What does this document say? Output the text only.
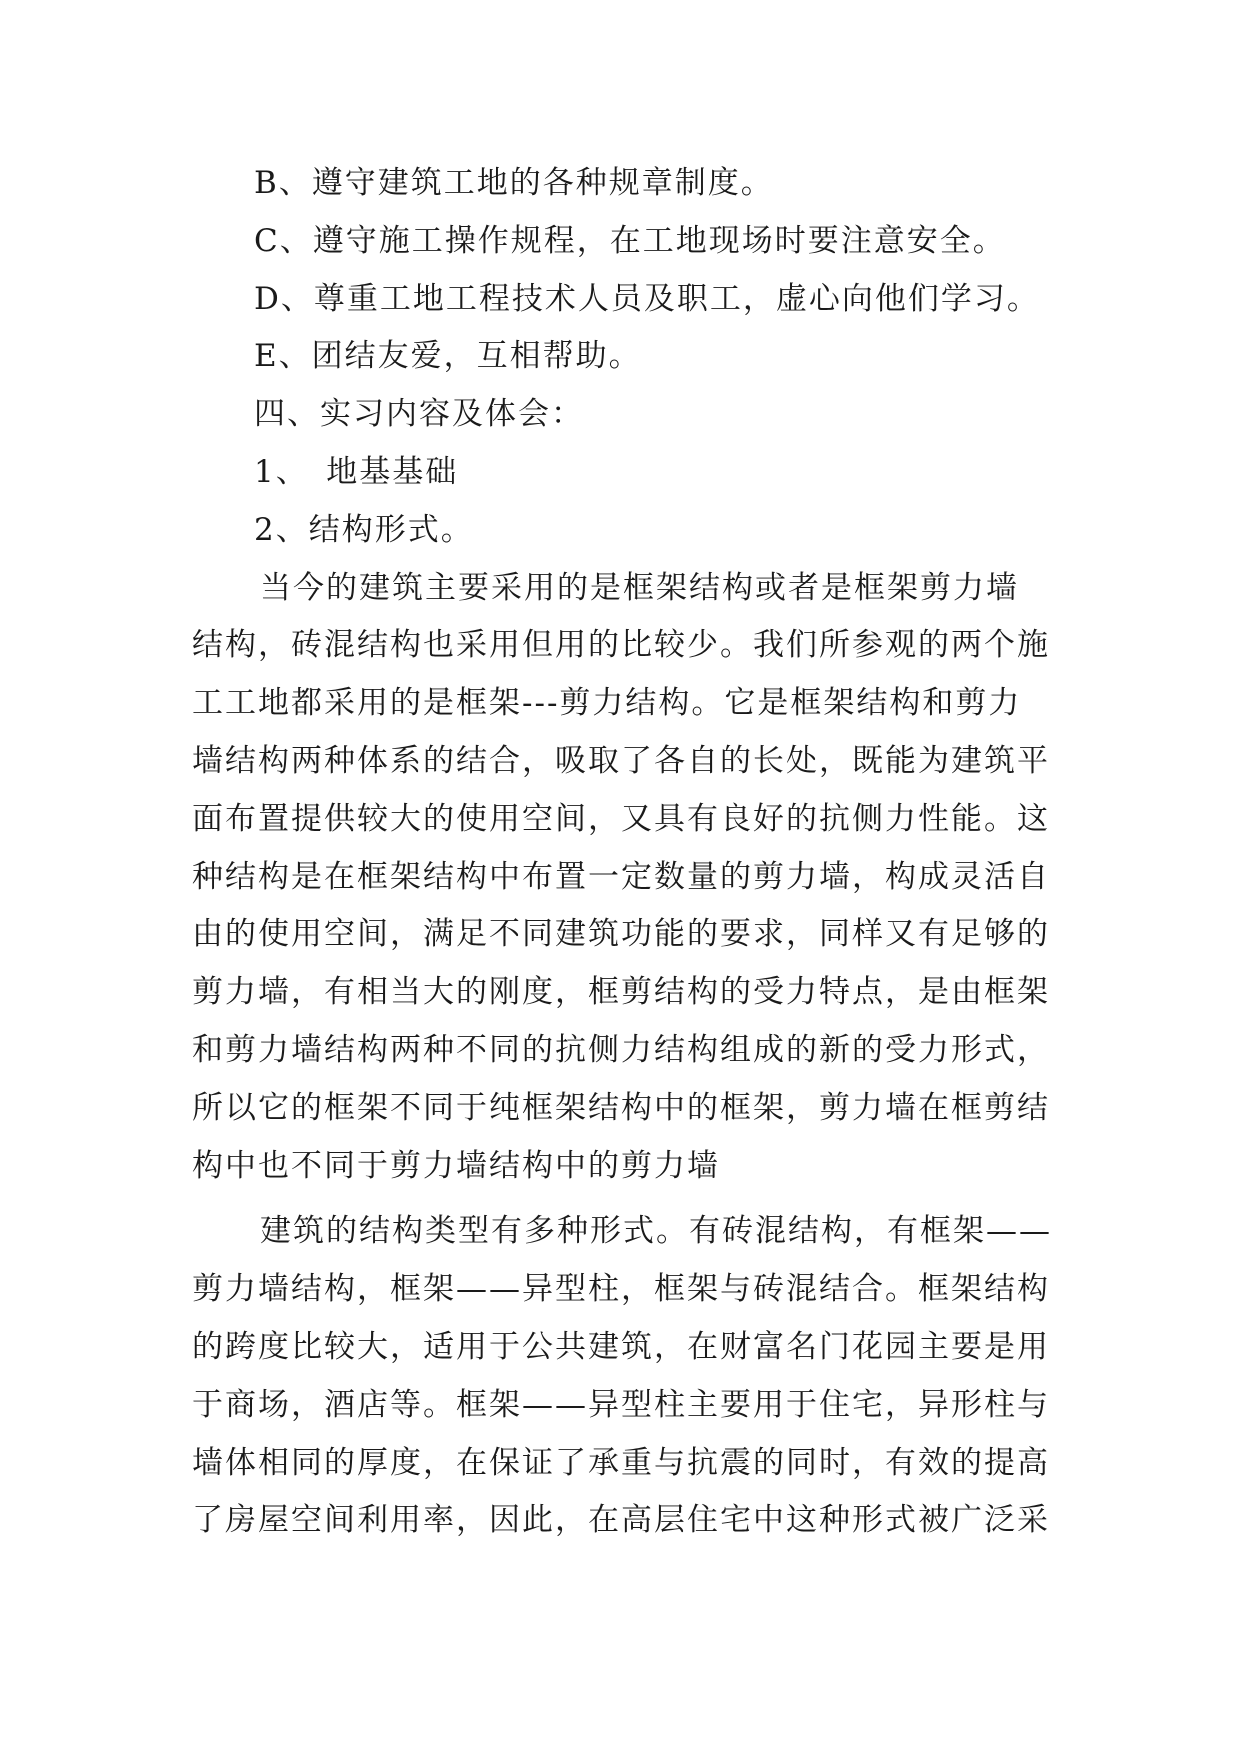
B、遵守建筑工地的各种规章制度。

C、遵守施工操作规程，在工地现场时要注意安全。

D、尊重工地工程技术人员及职工，虚心向他们学习。

E、团结友爱，互相帮助。

四、实习内容及体会：

1、　地基基础

2、结构形式。

当今的建筑主要采用的是框架结构或者是框架剪力墙

结构，砖混结构也采用但用的比较少。我们所参观的两个施

工工地都采用的是框架---剪力结构。它是框架结构和剪力

墙结构两种体系的结合，吸取了各自的长处，既能为建筑平

面布置提供较大的使用空间，又具有良好的抗侧力性能。这

种结构是在框架结构中布置一定数量的剪力墙，构成灵活自

由的使用空间，满足不同建筑功能的要求，同样又有足够的

剪力墙，有相当大的刚度，框剪结构的受力特点，是由框架

和剪力墙结构两种不同的抗侧力结构组成的新的受力形式，

所以它的框架不同于纯框架结构中的框架，剪力墙在框剪结

构中也不同于剪力墙结构中的剪力墙

建筑的结构类型有多种形式。有砖混结构，有框架——

剪力墙结构，框架——异型柱，框架与砖混结合。框架结构

的跨度比较大，适用于公共建筑，在财富名门花园主要是用

于商场，酒店等。框架——异型柱主要用于住宅，异形柱与

墙体相同的厚度，在保证了承重与抗震的同时，有效的提高

了房屋空间利用率，因此，在高层住宅中这种形式被广泛采
